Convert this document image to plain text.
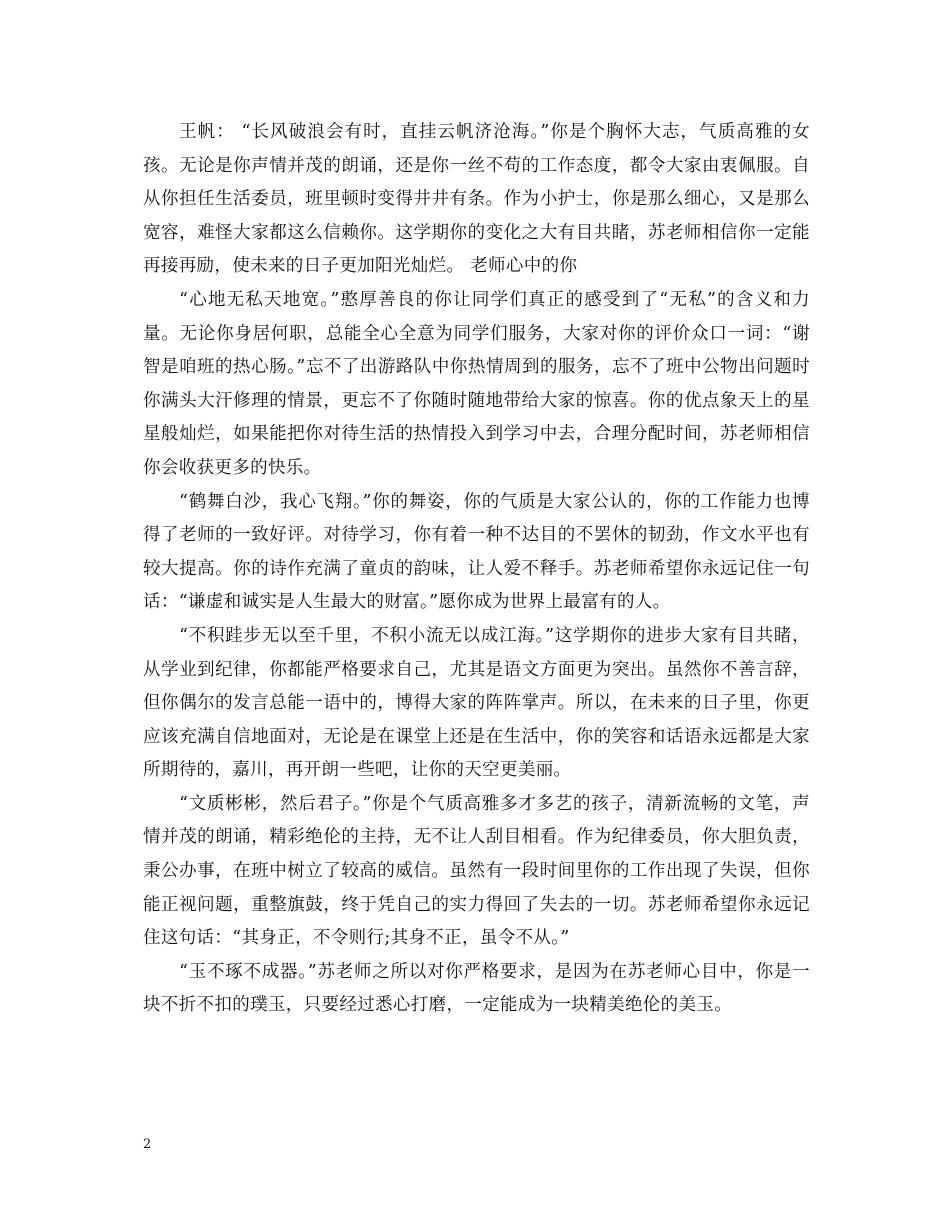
王帆： “长风破浪会有时，直挂云帆济沧海。”你是个胸怀大志，气质高雅的女孩。无论是你声情并茂的朗诵，还是你一丝不苟的工作态度，都令大家由衷佩服。自从你担任生活委员，班里顿时变得井井有条。作为小护士，你是那么细心，又是那么宽容，难怪大家都这么信赖你。这学期你的变化之大有目共睹，苏老师相信你一定能再接再励，使未来的日子更加阳光灿烂。 老师心中的你

“心地无私天地宽。”憨厚善良的你让同学们真正的感受到了“无私”的含义和力量。无论你身居何职，总能全心全意为同学们服务，大家对你的评价众口一词：“谢智是咱班的热心肠。”忘不了出游路队中你热情周到的服务，忘不了班中公物出问题时你满头大汗修理的情景，更忘不了你随时随地带给大家的惊喜。你的优点象天上的星星般灿烂，如果能把你对待生活的热情投入到学习中去，合理分配时间，苏老师相信你会收获更多的快乐。

“鹤舞白沙，我心飞翔。”你的舞姿，你的气质是大家公认的，你的工作能力也博得了老师的一致好评。对待学习，你有着一种不达目的不罢休的韧劲，作文水平也有较大提高。你的诗作充满了童贞的韵味，让人爱不释手。苏老师希望你永远记住一句话：“谦虚和诚实是人生最大的财富。”愿你成为世界上最富有的人。

“不积跬步无以至千里，不积小流无以成江海。”这学期你的进步大家有目共睹，从学业到纪律，你都能严格要求自己，尤其是语文方面更为突出。虽然你不善言辞，但你偶尔的发言总能一语中的，博得大家的阵阵掌声。所以，在未来的日子里，你更应该充满自信地面对，无论是在课堂上还是在生活中，你的笑容和话语永远都是大家所期待的，嘉川，再开朗一些吧，让你的天空更美丽。

“文质彬彬，然后君子。”你是个气质高雅多才多艺的孩子，清新流畅的文笔，声情并茂的朗诵，精彩绝伦的主持，无不让人刮目相看。作为纪律委员，你大胆负责，秉公办事，在班中树立了较高的威信。虽然有一段时间里你的工作出现了失误，但你能正视问题，重整旗鼓，终于凭自己的实力得回了失去的一切。苏老师希望你永远记住这句话：“其身正，不令则行;其身不正，虽令不从。”

“玉不琢不成器。”苏老师之所以对你严格要求，是因为在苏老师心目中，你是一块不折不扣的璞玉，只要经过悉心打磨，一定能成为一块精美绝伦的美玉。

2
